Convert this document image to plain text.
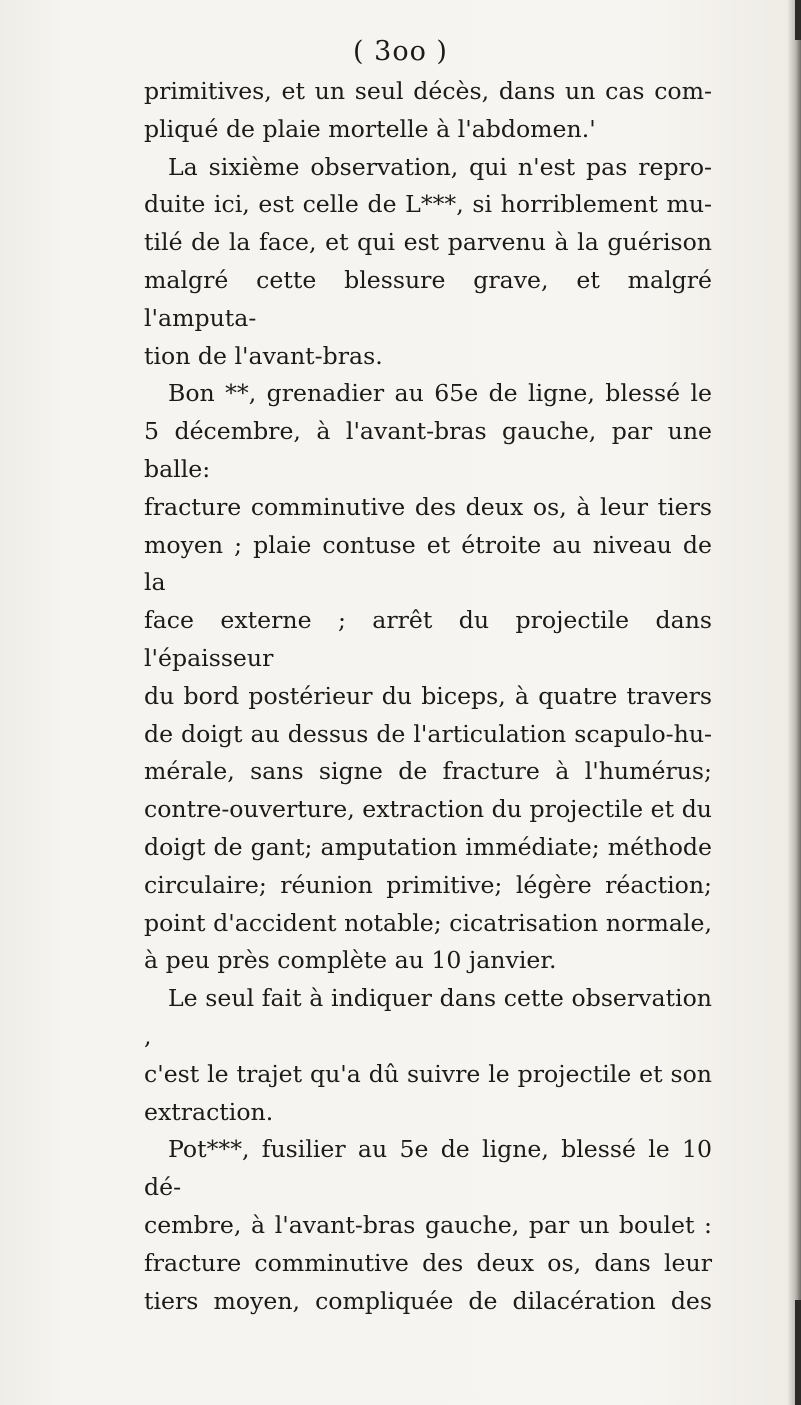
( 3oo )
primitives, et un seul décès, dans un cas com-
pliqué de plaie mortelle à l'abdomen.'
La sixième observation, qui n'est pas repro-
duite ici, est celle de L***, si horriblement mu-
tilé de la face, et qui est parvenu à la guérison
malgré cette blessure grave, et malgré l'amputa-
tion de l'avant-bras.
Bon **, grenadier au 65e de ligne, blessé le
5 décembre, à l'avant-bras gauche, par une balle:
fracture comminutive des deux os, à leur tiers
moyen ; plaie contuse et étroite au niveau de la
face externe ; arrêt du projectile dans l'épaisseur
du bord postérieur du biceps, à quatre travers
de doigt au dessus de l'articulation scapulo-hu-
mérale, sans signe de fracture à l'humérus;
contre-ouverture, extraction du projectile et du
doigt de gant; amputation immédiate; méthode
circulaire; réunion primitive; légère réaction;
point d'accident notable; cicatrisation normale,
à peu près complète au 10 janvier.
Le seul fait à indiquer dans cette observation ,
c'est le trajet qu'a dû suivre le projectile et son
extraction.
Pot***, fusilier au 5e de ligne, blessé le 10 dé-
cembre, à l'avant-bras gauche, par un boulet :
fracture comminutive des deux os, dans leur
tiers moyen, compliquée de dilacération des
